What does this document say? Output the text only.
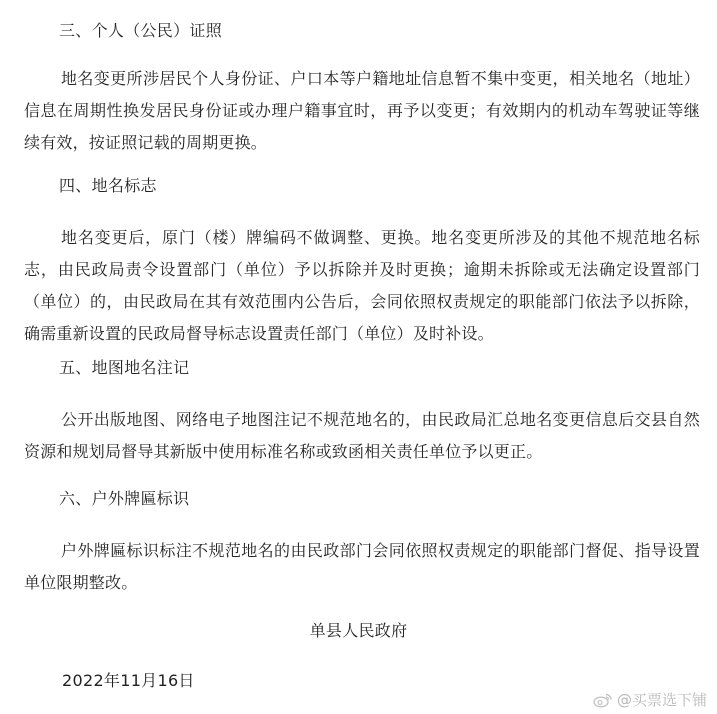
三、个人（公民）证照
地名变更所涉居民个人身份证、户口本等户籍地址信息暂不集中变更，相关地名（地址）信息在周期性换发居民身份证或办理户籍事宜时，再予以变更；有效期内的机动车驾驶证等继续有效，按证照记载的周期更换。
四、地名标志
地名变更后，原门（楼）牌编码不做调整、更换。地名变更所涉及的其他不规范地名标志，由民政局责令设置部门（单位）予以拆除并及时更换；逾期未拆除或无法确定设置部门（单位）的，由民政局在其有效范围内公告后，会同依照权责规定的职能部门依法予以拆除，确需重新设置的民政局督导标志设置责任部门（单位）及时补设。
五、地图地名注记
公开出版地图、网络电子地图注记不规范地名的，由民政局汇总地名变更信息后交县自然资源和规划局督导其新版中使用标准名称或致函相关责任单位予以更正。
六、户外牌匾标识
户外牌匾标识标注不规范地名的由民政部门会同依照权责规定的职能部门督促、指导设置单位限期整改。
单县人民政府
2022年11月16日
@买票选下铺
